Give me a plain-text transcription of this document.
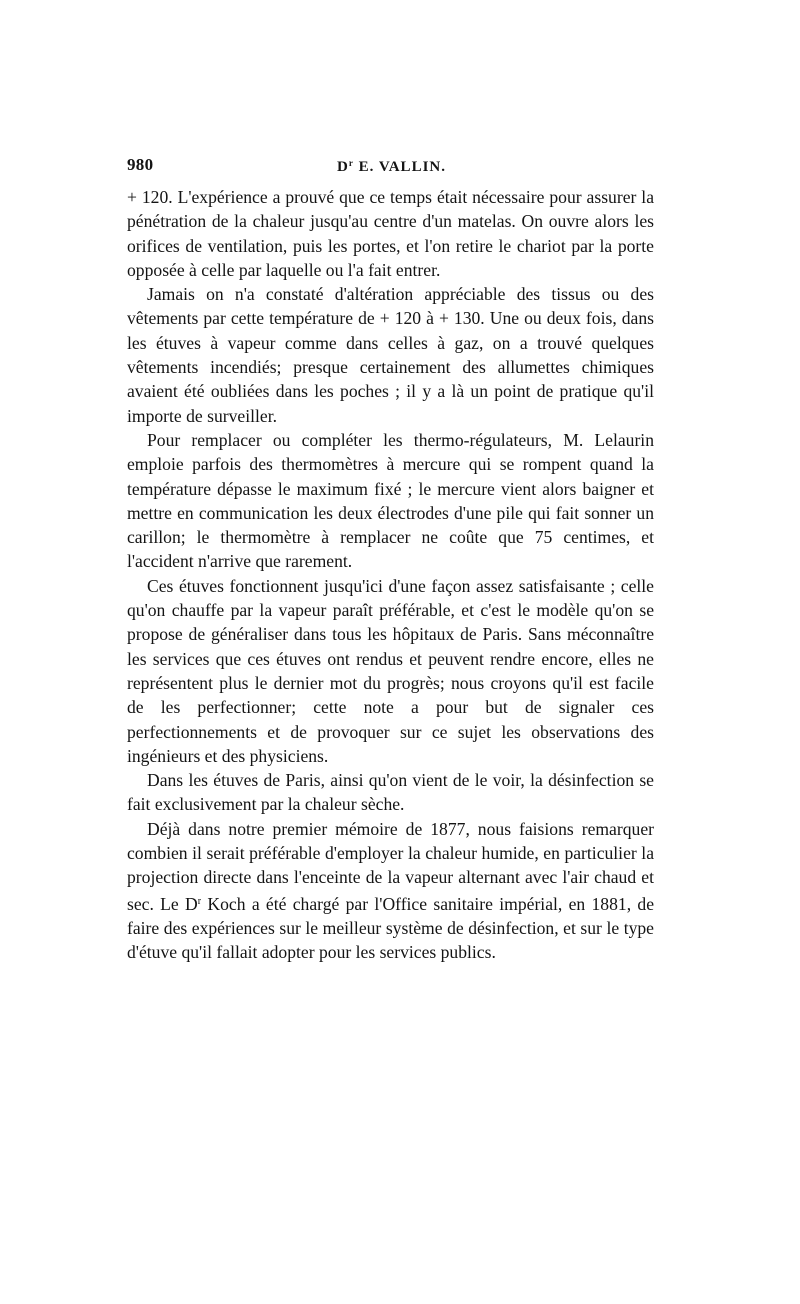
980	$D^r$ E. VALLIN.

+ 120. L'expérience a prouvé que ce temps était nécessaire pour assurer la pénétration de la chaleur jusqu'au centre d'un matelas. On ouvre alors les orifices de ventilation, puis les portes, et l'on retire le chariot par la porte opposée à celle par laquelle ou l'a fait entrer.

Jamais on n'a constaté d'altération appréciable des tissus ou des vêtements par cette température de + 120 à + 130. Une ou deux fois, dans les étuves à vapeur comme dans celles à gaz, on a trouvé quelques vêtements incendiés; presque certainement des allumettes chimiques avaient été oubliées dans les poches ; il y a là un point de pratique qu'il importe de surveiller.

Pour remplacer ou compléter les thermo-régulateurs, M. Lelaurin emploie parfois des thermomètres à mercure qui se rompent quand la température dépasse le maximum fixé ; le mercure vient alors baigner et mettre en communication les deux électrodes d'une pile qui fait sonner un carillon; le thermomètre à remplacer ne coûte que 75 centimes, et l'accident n'arrive que rarement.

Ces étuves fonctionnent jusqu'ici d'une façon assez satisfaisante ; celle qu'on chauffe par la vapeur paraît préférable, et c'est le modèle qu'on se propose de généraliser dans tous les hôpitaux de Paris. Sans méconnaître les services que ces étuves ont rendus et peuvent rendre encore, elles ne représentent plus le dernier mot du progrès; nous croyons qu'il est facile de les perfectionner; cette note a pour but de signaler ces perfectionnements et de provoquer sur ce sujet les observations des ingénieurs et des physiciens.

Dans les étuves de Paris, ainsi qu'on vient de le voir, la désinfection se fait exclusivement par la chaleur sèche.

Déjà dans notre premier mémoire de 1877, nous faisions remarquer combien il serait préférable d'employer la chaleur humide, en particulier la projection directe dans l'enceinte de la vapeur alternant avec l'air chaud et sec. Le $D^r$ Koch a été chargé par l'Office sanitaire impérial, en 1881, de faire des expériences sur le meilleur système de désinfection, et sur le type d'étuve qu'il fallait adopter pour les services publics.
